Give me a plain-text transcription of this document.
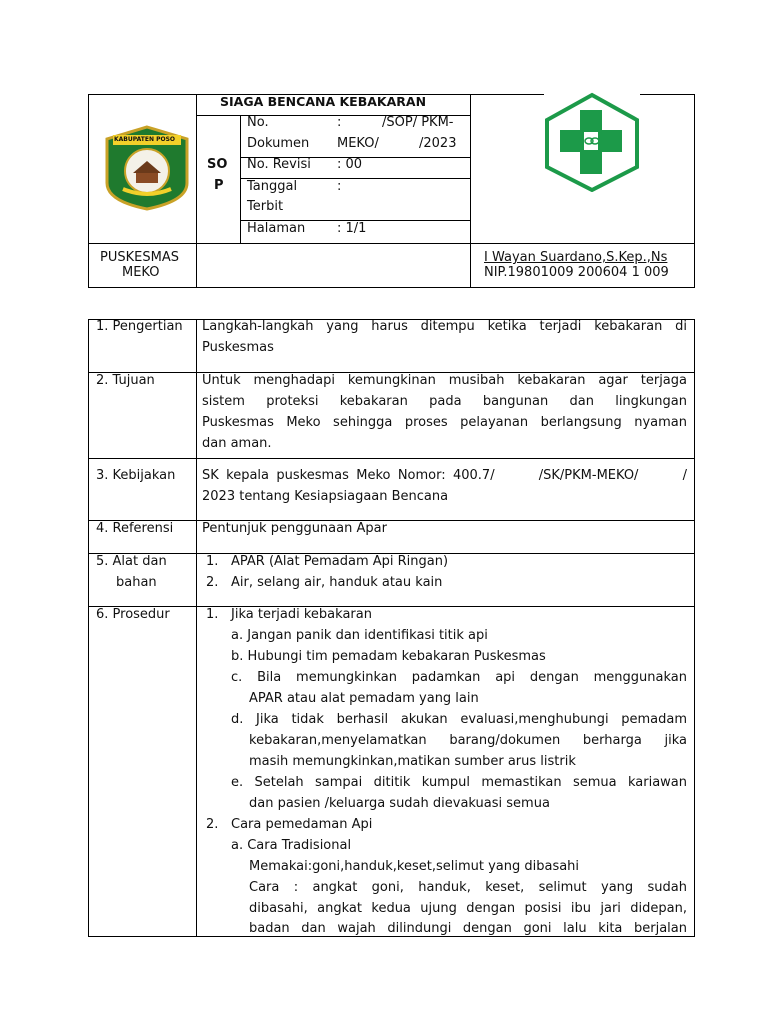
KABUPATEN POSO
SIAGA BENCANA KEBAKARAN
SO
P
No.	:	/SOP/ PKM-
Dokumen MEKO/	/2023
No. Revisi : 00
Tanggal	:
Terbit
Halaman : 1/1
PUSKESMAS
MEKO
I Wayan Suardano,S.Kep.,Ns
NIP.19801009 200604 1 009
1. Pengertian Langkah-langkah yang harus ditempu ketika terjadi kebakaran di
Puskesmas
2. Tujuan	Untuk menghadapi kemungkinan musibah kebakaran agar terjaga
sistem proteksi kebakaran pada bangunan dan lingkungan
Puskesmas Meko sehingga proses pelayanan berlangsung nyaman
dan aman.
3. Kebijakan SK kepala puskesmas Meko Nomor: 400.7/      /SK/PKM-MEKO/      /
2023 tentang Kesiapsiagaan Bencana
4. Referensi Pentunjuk penggunaan Apar
5. Alat dan
bahan
1. APAR (Alat Pemadam Api Ringan)
2. Air, selang air, handuk atau kain
6. Prosedur	1. Jika terjadi kebakaran
a. Jangan panik dan identifikasi titik api
b. Hubungi tim pemadam kebakaran Puskesmas
c. Bila memungkinkan padamkan api dengan menggunakan
APAR atau alat pemadam yang lain
d. Jika tidak berhasil akukan evaluasi,menghubungi pemadam
kebakaran,menyelamatkan barang/dokumen berharga jika
masih memungkinkan,matikan sumber arus listrik
e. Setelah sampai dititik kumpul memastikan semua kariawan
dan pasien /keluarga sudah dievakuasi semua
2. Cara pemedaman Api
a. Cara Tradisional
Memakai:goni,handuk,keset,selimut yang dibasahi
Cara : angkat goni, handuk, keset, selimut yang sudah
dibasahi, angkat kedua ujung dengan posisi ibu jari didepan,
badan dan wajah dilindungi dengan goni lalu kita berjalan
